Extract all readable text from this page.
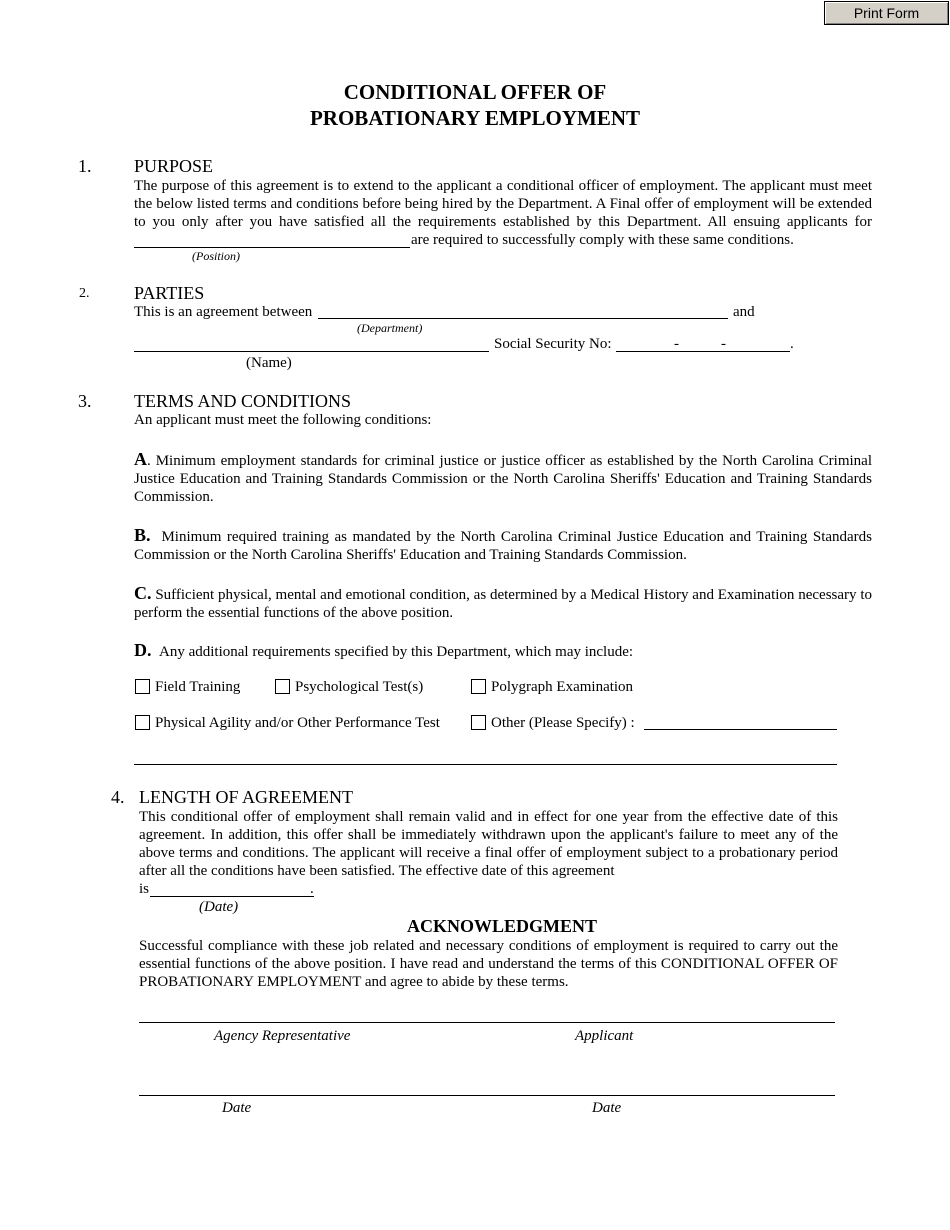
Print Form
CONDITIONAL OFFER OF
PROBATIONARY EMPLOYMENT
1. PURPOSE
The purpose of this agreement is to extend to the applicant a conditional officer of employment. The applicant must meet
the below listed terms and conditions before being hired by the Department. A Final offer of employment will be extended
to you only after you have satisfied all the requirements established by this Department. All ensuing applicants for
are required to successfully comply with these same conditions.
(Position)
2. PARTIES
This is an agreement between	and
(Department)
Social Security No:	-	-	.
(Name)
3. TERMS AND CONDITIONS
An applicant must meet the following conditions:
A. Minimum employment standards for criminal justice or justice officer as established by the North Carolina Criminal
Justice Education and Training Standards Commission or the North Carolina Sheriffs' Education and Training Standards
Commission.
B. Minimum required training as mandated by the North Carolina Criminal Justice Education and Training Standards
Commission or the North Carolina Sheriffs' Education and Training Standards Commission.
C. Sufficient physical, mental and emotional condition, as determined by a Medical History and Examination necessary to
perform the essential functions of the above position.
D. Any additional requirements specified by this Department, which may include:
Field Training	Psychological Test(s)	Polygraph Examination
Physical Agility and/or Other Performance Test	Other (Please Specify) :
4. LENGTH OF AGREEMENT
This conditional offer of employment shall remain valid and in effect for one year from the effective date of this
agreement. In addition, this offer shall be immediately withdrawn upon the applicant's failure to meet any of the
above terms and conditions. The applicant will receive a final offer of employment subject to a probationary period
after all the conditions have been satisfied. The effective date of this agreement
is	.
(Date)
ACKNOWLEDGMENT
Successful compliance with these job related and necessary conditions of employment is required to carry out the
essential functions of the above position. I have read and understand the terms of this CONDITIONAL OFFER OF
PROBATIONARY EMPLOYMENT and agree to abide by these terms.
Agency Representative	Applicant
Date	Date
